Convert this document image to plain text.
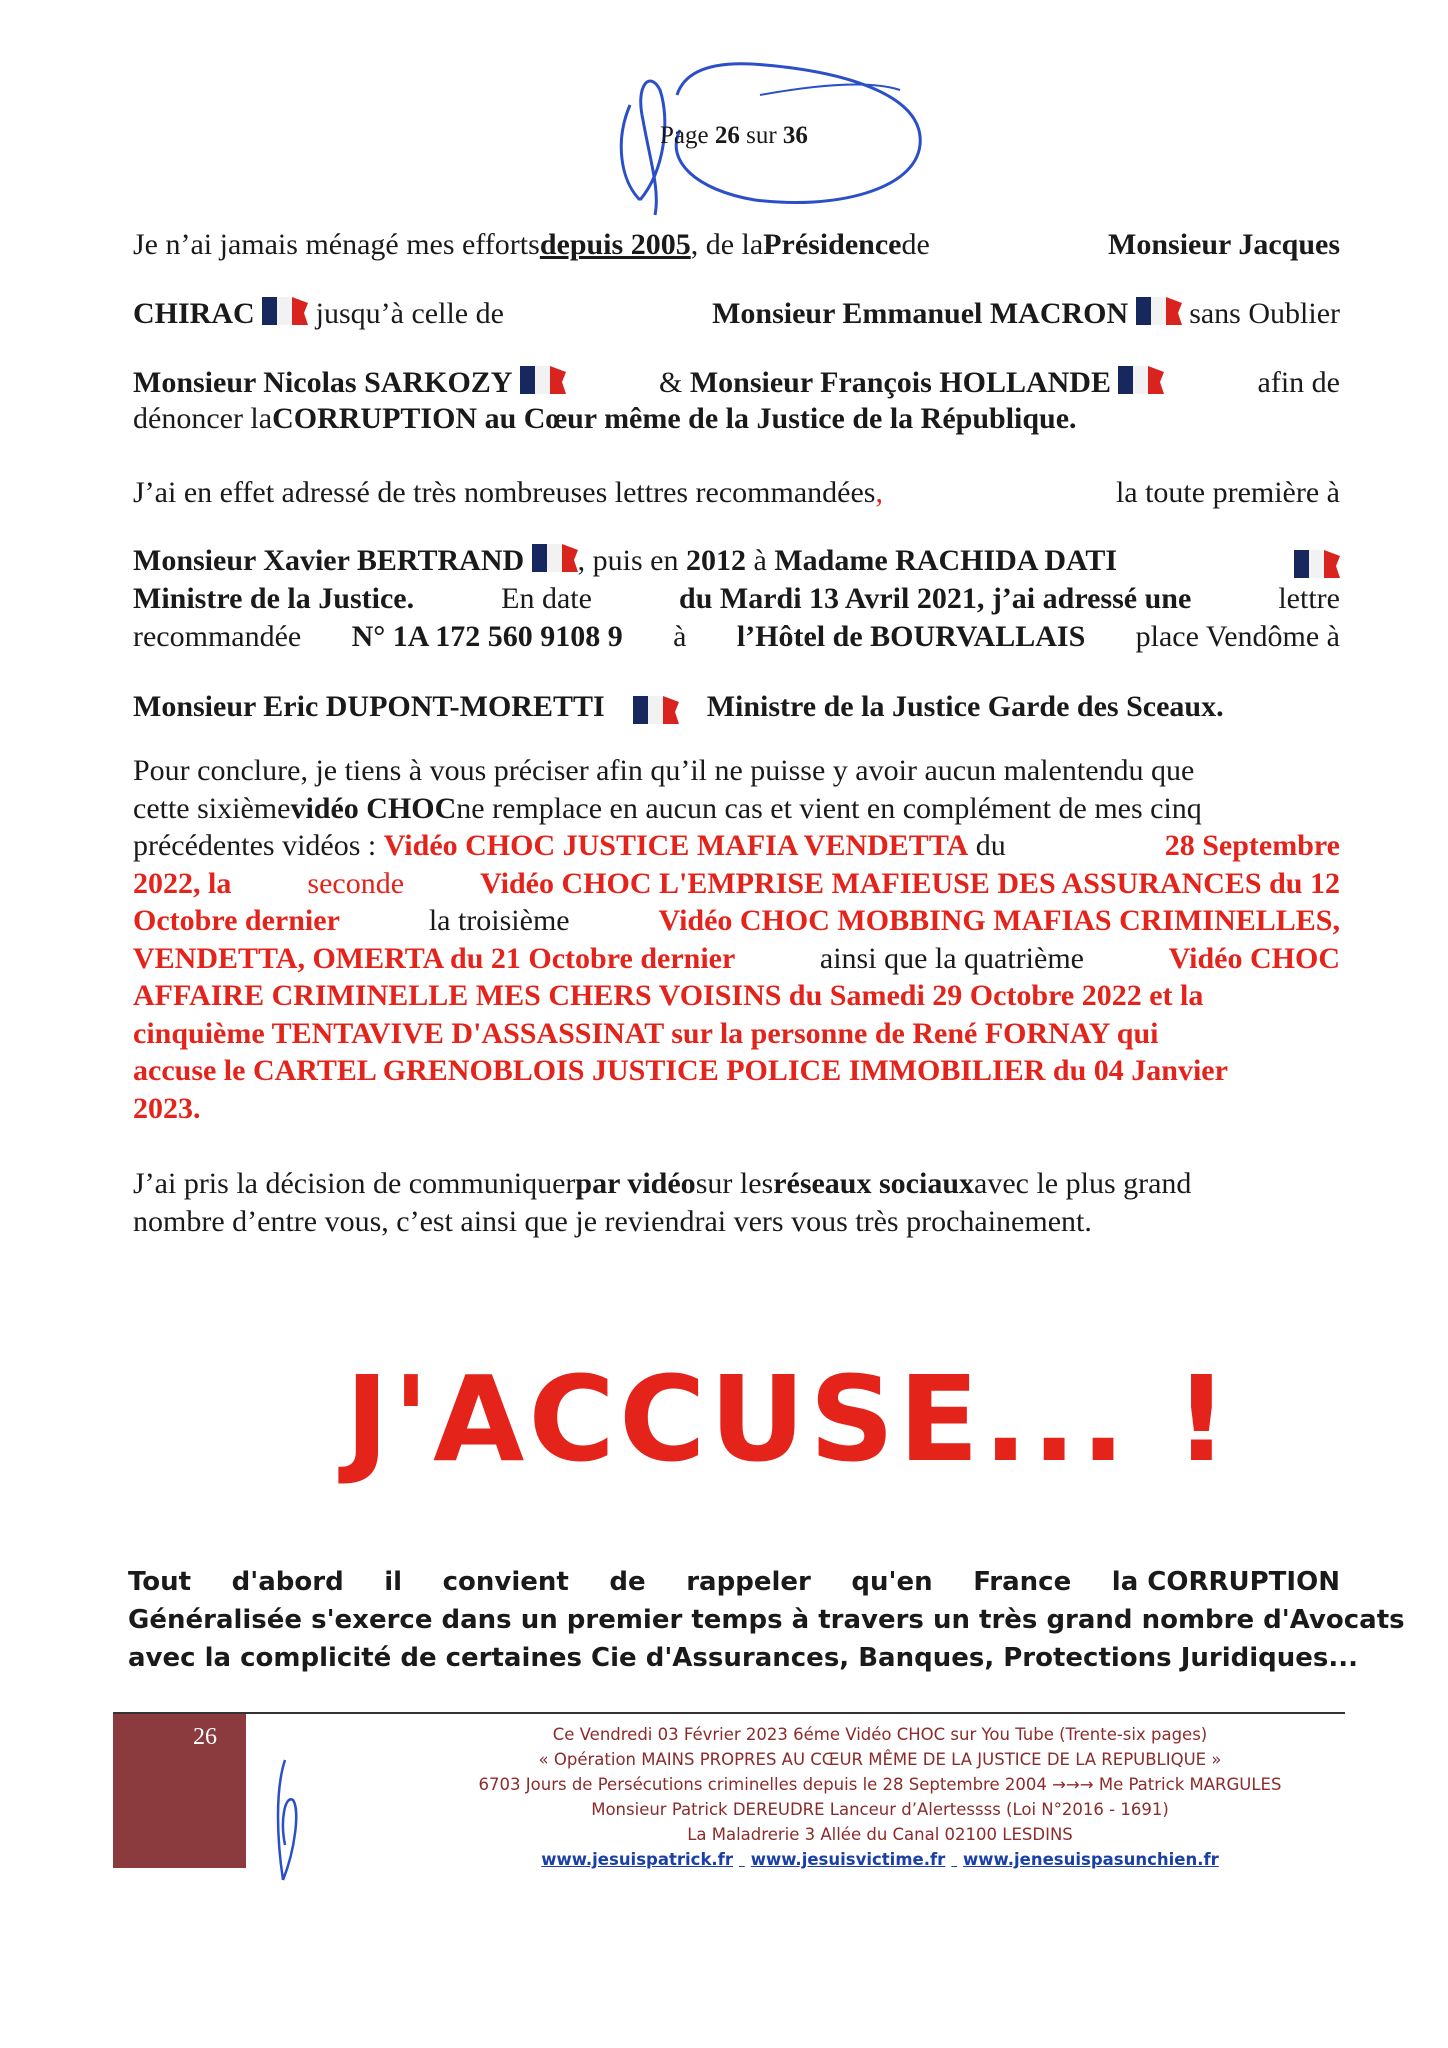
Page 26 sur 36
Je n’ai jamais ménagé mes efforts depuis 2005 , de la Présidence de	Monsieur Jacques
CHIRAC jusqu’à celle de	Monsieur Emmanuel MACRON sans Oublier
Monsieur Nicolas SARKOZY	& Monsieur François HOLLANDE	afin de
dénoncer la CORRUPTION au Cœur même de la Justice de la République.
J’ai en effet adressé de très nombreuses lettres recommandées,	la toute première à
Monsieur Xavier BERTRAND , puis en 2012 à Madame RACHIDA DATI
Ministre de la Justice.	En date	du Mardi 13 Avril 2021, j’ai adressé une	lettre
recommandée N° 1A 172 560 9108 9 à l’Hôtel de BOURVALLAIS place Vendôme à
Monsieur Eric DUPONT-MORETTI	Ministre de la Justice Garde des Sceaux.
Pour conclure, je tiens à vous préciser afin qu’il ne puisse y avoir aucun malentendu que
cette sixième vidéo CHOC ne remplace en aucun cas et vient en complément de mes cinq
précédentes vidéos : Vidéo CHOC JUSTICE MAFIA VENDETTA du	28 Septembre
2022, la	seconde	Vidéo CHOC L'EMPRISE MAFIEUSE DES ASSURANCES du 12
Octobre dernier	la troisième	Vidéo CHOC MOBBING MAFIAS CRIMINELLES,
VENDETTA, OMERTA du 21 Octobre dernier	ainsi que la quatrième	Vidéo CHOC
AFFAIRE CRIMINELLE MES CHERS VOISINS du Samedi 29 Octobre 2022 et la
cinquième TENTAVIVE D'ASSASSINAT sur la personne de René FORNAY qui
accuse le CARTEL GRENOBLOIS JUSTICE POLICE IMMOBILIER du 04 Janvier
2023.
J’ai pris la décision de communiquer par vidéo sur les réseaux sociaux avec le plus grand
nombre d’entre vous, c’est ainsi que je reviendrai vers vous très prochainement.
J'ACCUSE... !
Tout d'abord il convient de rappeler qu'en France la CORRUPTION
Généralisée s'exerce dans un premier temps à travers un très grand nombre d'Avocats
avec la complicité de certaines Cie d'Assurances, Banques, Protections Juridiques...
26	Ce Vendredi 03 Février 2023 6éme Vidéo CHOC sur You Tube (Trente-six pages)
« Opération MAINS PROPRES AU CŒUR MÊME DE LA JUSTICE DE LA REPUBLIQUE »
6703 Jours de Persécutions criminelles depuis le 28 Septembre 2004 →→→ Me Patrick MARGULES
Monsieur Patrick DEREUDRE Lanceur d’Alertessss (Loi N°2016 - 1691)
La Maladrerie 3 Allée du Canal 02100 LESDINS
www.jesuispatrick.fr www.jesuisvictime.fr www.jenesuispasunchien.fr
